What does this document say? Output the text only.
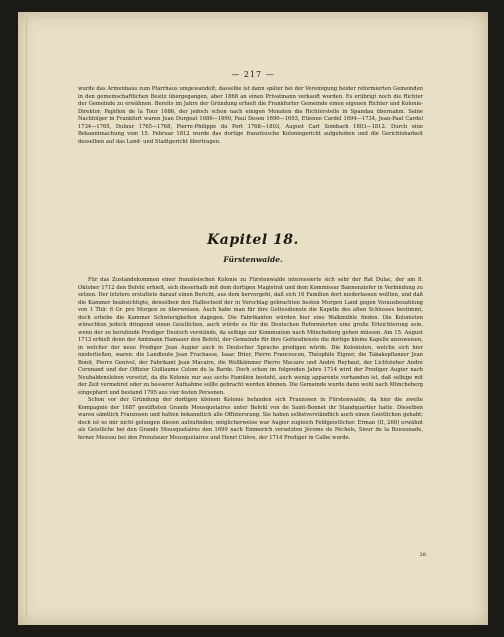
— 217 —

wurde das Armenhaus zum Pfarrhaus umgewandelt; dasselbe ist dann später bei der Vereinigung beider reformierten Gemeinden in den gemeinschaftlichen Besitz übergegangen, aber 1868 an einen Privatmann verkauft worden. Es erübrigt noch die Richter der Gemeinde zu erwähnen. Bereits im Jahre der Gründung erhielt die Frankfurter Gemeinde einen eigenen Richter und Kolonie-Direktor, Papillon de la Tour 1686, der jedoch schon nach einigen Monaten die Richterstelle in Spandau übernahm. Seine Nachfolger in Frankfurt waren Jean Durgeat 1686—1690, Paul Deson 1690—1693, Etienne Cardel 1694—1734, Jean-Paul Cardel 1734—1765, Dufaur 1765—1768, Pierre-Philippe du Port 1768—1803, August Carl Sombach 1803—1812. Durch eine Bekanntmachung vom 15. Februar 1812 wurde das dortige französische Koloniegericht aufgehoben und die Gerichtsbarkeit desselben auf das Land- und Stadtgericht übertragen.

Kapitel 18.
Fürstenwalde.

Für das Zustandekommen einer französischen Kolonie zu Fürstenwalde interessierte sich sehr der Rat Dulac, der am 8. Oktober 1712 den Befehl erhielt, sich dieserhalb mit dem dortigen Magistrat und dem Kommissar Bannenziefer in Verbindung zu setzen. Der letztere erstattete darauf einen Bericht, aus dem hervorgeht, daß sich 16 Familien dort niederlassen wollten, und daß die Kammer beabsichtigte, denselben den Halbscheid der in Vorschlag gebrachten besten Morgen Land gegen Vorausbezahlung von 1 Thlr. 6 Gr. pro Morgen zu überweisen. Auch habe man für ihre Gottesdienste die Kapelle des alten Schlosses bestimmt, doch erhebe die Kammer Schwierigkeiten dagegen. Die Fabrikanten würden hier eine Walkmühle finden. Die Kolonisten wünschten jedoch dringend einen Geistlichen, auch würde es für die Deutschen Reformierten eine große Erleichterung sein, wenn der zu berufende Prediger Deutsch verstände, da selbige zur Kommunion nach Müncheberg gehen müssen. Am 15. August 1713 erhielt denn der Amtmann Hamauer den Befehl, der Gemeinde für ihre Gottesdienste die dortige kleine Kapelle anzuweisen, in welcher der neue Prediger Jean Augier auch in Deutscher Sprache predigen würde. Die Kolonisten, welche sich hier niederließen, waren: die Landleute Jean Frachasse, Isaac Brier, Pierre Francescon, Théophile Eigner, die Tabakspflanzer Jean Bonit, Pierre Genivel, der Fabrikant Jean Macaire, die Wollkämmer Pierre Macaire und André Reybaut, der Lichtzieher André Corenand und der Offizier Guillaume Colom de la Barde. Doch schon im folgenden Jahre 1714 wird der Prediger Augier nach Neuhaldensleben versetzt, da die Kolonie nur aus sechs Familien besteht, auch wenig apparente vorhanden ist, daß selbige mit der Zeit vermehret oder zu besserer Aufnahme sollte gebracht werden können. Die Gemeinde wurde dann wohl nach Müncheberg eingepfarrt und bestand 1795 aus vier festen Personen.

Schon vor der Gründung der dortigen kleinen Kolonie befanden sich Franzosen in Fürstenwalde, da hier die zweite Kompagnie der 1687 gestifteten Grands Mousquetaires unter Befehl von de Saint-Bonnet ihr Standquartier hatte. Dieselben waren sämtlich Franzosen und hatten bekanntlich alle Offiziersrang. Sie haben selbstverständlich auch einen Geistlichen gehabt; doch ist es mir nicht gelungen diesen aufzufinden; möglicherweise war Augier zugleich Feldgeistlicher. Erman (II, 260) erwähnt als Geistliche bei den Grands Mousquetaires den 1690 nach Emmerich versetzten Jérome de Péchels, Sieur de la Boissonade, ferner Mossou bei den Prenzlauer Mousquetaires und Henri Ctiève, der 1714 Prediger in Calbe wurde.

28
